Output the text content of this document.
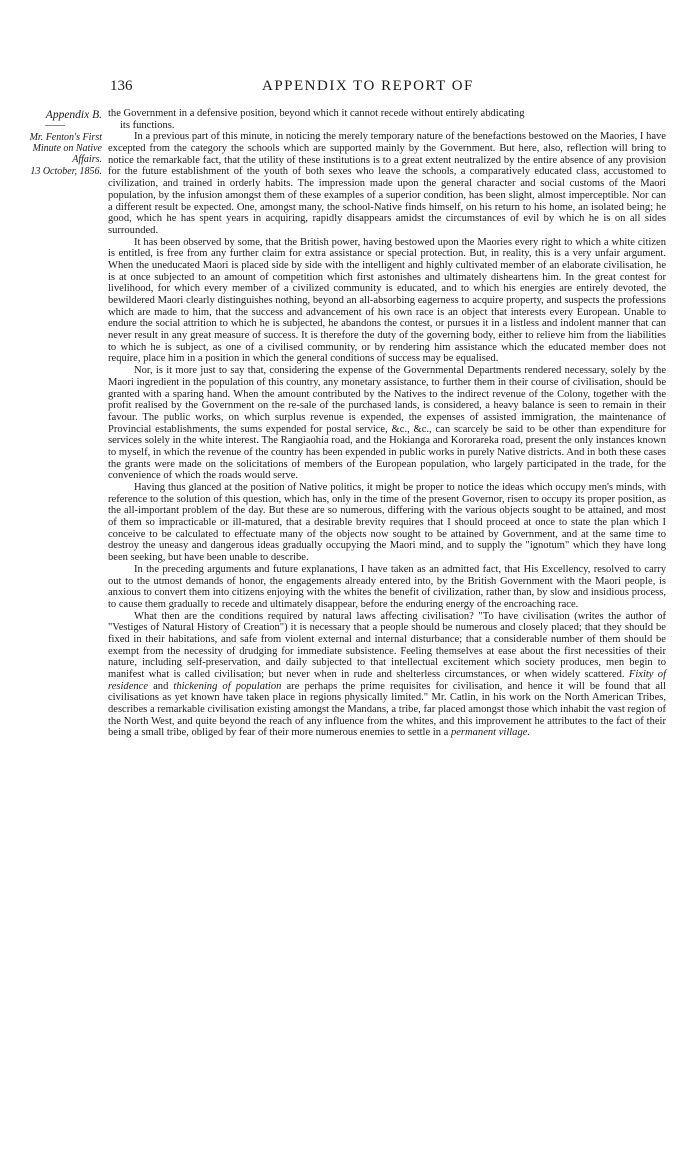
136	APPENDIX TO REPORT OF
Appendix B.
——
Mr. Fenton's First Minute on Native Affairs.
13 October, 1856.

the Government in a defensive position, beyond which it cannot recede without entirely abdicating
its functions.

In a previous part of this minute, in noticing the merely temporary nature of the benefactions bestowed on the Maories, I have excepted from the category the schools which are supported mainly by the Government. But here, also, reflection will bring to notice the remarkable fact, that the utility of these institutions is to a great extent neutralized by the entire absence of any provision for the future establishment of the youth of both sexes who leave the schools, a comparatively educated class, accustomed to civilization, and trained in orderly habits. The impression made upon the general character and social customs of the Maori population, by the infusion amongst them of these examples of a superior condition, has been slight, almost imperceptible. Nor can a different result be expected. One, amongst many, the school-Native finds himself, on his return to his home, an isolated being; he good, which he has spent years in acquiring, rapidly disappears amidst the circumstances of evil by which he is on all sides surrounded.

It has been observed by some, that the British power, having bestowed upon the Maories every right to which a white citizen is entitled, is free from any further claim for extra assistance or special protection. But, in reality, this is a very unfair argument. When the uneducated Maori is placed side by side with the intelligent and highly cultivated member of an elaborate civilisation, he is at once subjected to an amount of competition which first astonishes and ultimately disheartens him. In the great contest for livelihood, for which every member of a civilized community is educated, and to which his energies are entirely devoted, the bewildered Maori clearly distinguishes nothing, beyond an all-absorbing eagerness to acquire property, and suspects the professions which are made to him, that the success and advancement of his own race is an object that interests every European. Unable to endure the social attrition to which he is subjected, he abandons the contest, or pursues it in a listless and indolent manner that can never result in any great measure of success. It is therefore the duty of the governing body, either to relieve him from the liabilities to which he is subject, as one of a civilised community, or by rendering him assistance which the educated member does not require, place him in a position in which the general conditions of success may be equalised.

Nor, is it more just to say that, considering the expense of the Governmental Departments rendered necessary, solely by the Maori ingredient in the population of this country, any monetary assistance, to further them in their course of civilisation, should be granted with a sparing hand. When the amount contributed by the Natives to the indirect revenue of the Colony, together with the profit realised by the Government on the re-sale of the purchased lands, is considered, a heavy balance is seen to remain in their favour. The public works, on which surplus revenue is expended, the expenses of assisted immigration, the maintenance of Provincial establishments, the sums expended for postal service, &c., &c., can scarcely be said to be other than expenditure for services solely in the white interest. The Rangiaohia road, and the Hokianga and Kororareka road, present the only instances known to myself, in which the revenue of the country has been expended in public works in purely Native districts. And in both these cases the grants were made on the solicitations of members of the European population, who largely participated in the trade, for the convenience of which the roads would serve.

Having thus glanced at the position of Native politics, it might be proper to notice the ideas which occupy men's minds, with reference to the solution of this question, which has, only in the time of the present Governor, risen to occupy its proper position, as the all-important problem of the day. But these are so numerous, differing with the various objects sought to be attained, and most of them so impracticable or ill-matured, that a desirable brevity requires that I should proceed at once to state the plan which I conceive to be calculated to effectuate many of the objects now sought to be attained by Government, and at the same time to destroy the uneasy and dangerous ideas gradually occupying the Maori mind, and to supply the "ignotum" which they have long been seeking, but have been unable to describe.

In the preceding arguments and future explanations, I have taken as an admitted fact, that His Excellency, resolved to carry out to the utmost demands of honor, the engagements already entered into, by the British Government with the Maori people, is anxious to convert them into citizens enjoying with the whites the benefit of civilization, rather than, by slow and insidious process, to cause them gradually to recede and ultimately disappear, before the enduring energy of the encroaching race.

What then are the conditions required by natural laws affecting civilisation? "To have civilisation (writes the author of "Vestiges of Natural History of Creation") it is necessary that a people should be numerous and closely placed; that they should be fixed in their habitations, and safe from violent external and internal disturbance; that a considerable number of them should be exempt from the necessity of drudging for immediate subsistence. Feeling themselves at ease about the first necessities of their nature, including self-preservation, and daily subjected to that intellectual excitement which society produces, men begin to manifest what is called civilisation; but never when in rude and shelterless circumstances, or when widely scattered. Fixity of residence and thickening of population are perhaps the prime requisites for civilisation, and hence it will be found that all civilisations as yet known have taken place in regions physically limited." Mr. Catlin, in his work on the North American Tribes, describes a remarkable civilisation existing amongst the Mandans, a tribe, far placed amongst those which inhabit the vast region of the North West, and quite beyond the reach of any influence from the whites, and this improvement he attributes to the fact of their being a small tribe, obliged by fear of their more numerous enemies to settle in a permanent village.
